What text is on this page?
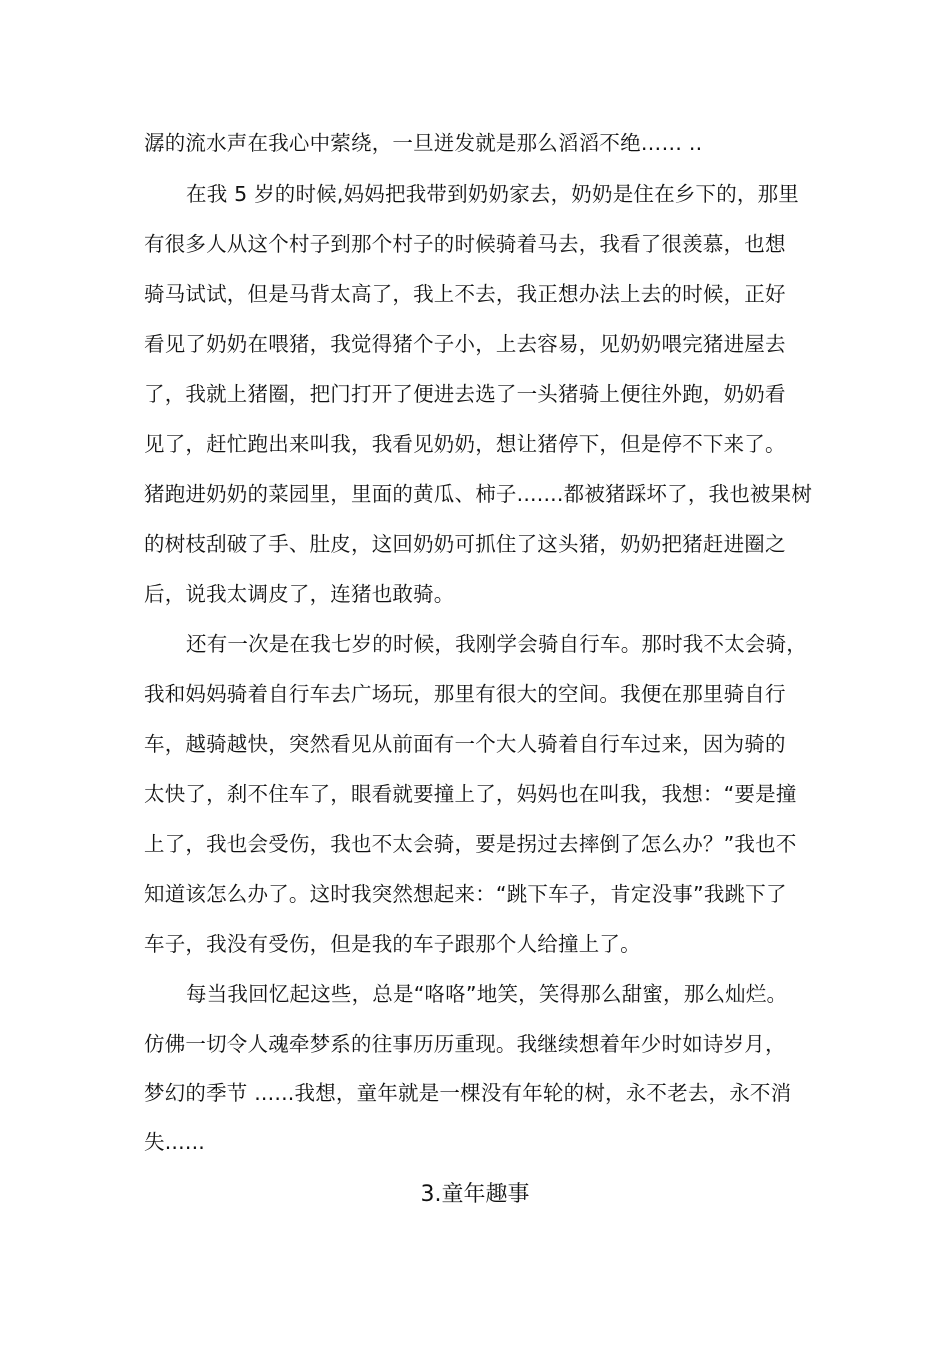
潺的流水声在我心中萦绕，一旦迸发就是那么滔滔不绝…… ..
在我 5 岁的时候,妈妈把我带到奶奶家去，奶奶是住在乡下的，那里
有很多人从这个村子到那个村子的时候骑着马去，我看了很羡慕，也想
骑马试试，但是马背太高了，我上不去，我正想办法上去的时候，正好
看见了奶奶在喂猪，我觉得猪个子小，上去容易，见奶奶喂完猪进屋去
了，我就上猪圈，把门打开了便进去选了一头猪骑上便往外跑，奶奶看
见了，赶忙跑出来叫我，我看见奶奶，想让猪停下，但是停不下来了。
猪跑进奶奶的菜园里，里面的黄瓜、柿子.......都被猪踩坏了，我也被果树
的树枝刮破了手、肚皮，这回奶奶可抓住了这头猪，奶奶把猪赶进圈之
后，说我太调皮了，连猪也敢骑。
还有一次是在我七岁的时候，我刚学会骑自行车。那时我不太会骑，
我和妈妈骑着自行车去广场玩，那里有很大的空间。我便在那里骑自行
车，越骑越快，突然看见从前面有一个大人骑着自行车过来，因为骑的
太快了，刹不住车了，眼看就要撞上了，妈妈也在叫我，我想：“要是撞
上了，我也会受伤，我也不太会骑，要是拐过去摔倒了怎么办？”我也不
知道该怎么办了。这时我突然想起来：“跳下车子，肯定没事”我跳下了
车子，我没有受伤，但是我的车子跟那个人给撞上了。
每当我回忆起这些，总是“咯咯”地笑，笑得那么甜蜜，那么灿烂。
仿佛一切令人魂牵梦系的往事历历重现。我继续想着年少时如诗岁月，
梦幻的季节 ......我想，童年就是一棵没有年轮的树，永不老去，永不消
失......
3.童年趣事
